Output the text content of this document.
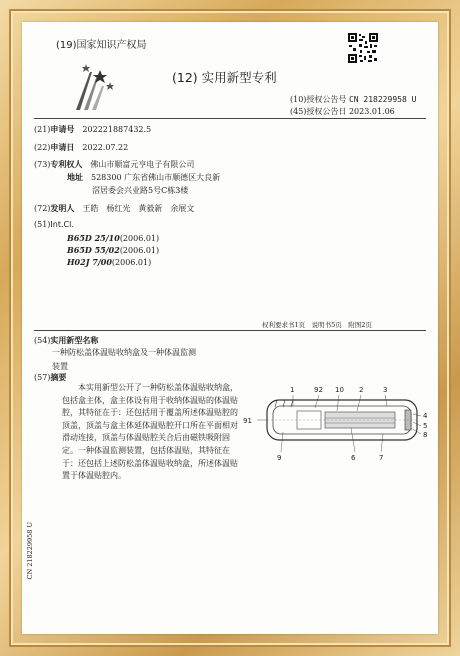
(19)国家知识产权局
(12) 实用新型专利
(10)授权公告号 CN 218229958 U
(45)授权公告日 2023.01.06
(21)申请号　 202221887432.5
(22)申请日　 2022.07.22
(73)专利权人　 佛山市顺富元亨电子有限公司
地址　 528300 广东省佛山市顺德区大良新
滘居委会兴业路5号C栋3楼
(72)发明人　 王皓　杨红光　黄毅新　余展文
(51)Int.Cl.
B65D 25/10(2006.01)
B65D 55/02(2006.01)
H02J 7/00(2006.01)
权利要求书1页　说明书5页　附图2页
(54)实用新型名称
一种防松盖体温贴收纳盒及一种体温监测
装置
(57)摘要
本实用新型公开了一种防松盖体温贴收纳盒，包括盒主体，盒主体设有用于收纳体温贴的体温贴腔，其特征在于：还包括用于覆盖所述体温贴腔的顶盖，顶盖与盒主体延体温贴腔开口所在平面相对滑动连接，顶盖与体温贴腔关合后由磁铁吸附固定。一种体温监测装置，包括体温贴，其特征在于：还包括上述防松盖体温贴收纳盒，所述体温贴置于体温贴腔内。
1	92 10 2	3
4
5
8
91
9	6	7
CN 218229958 U
